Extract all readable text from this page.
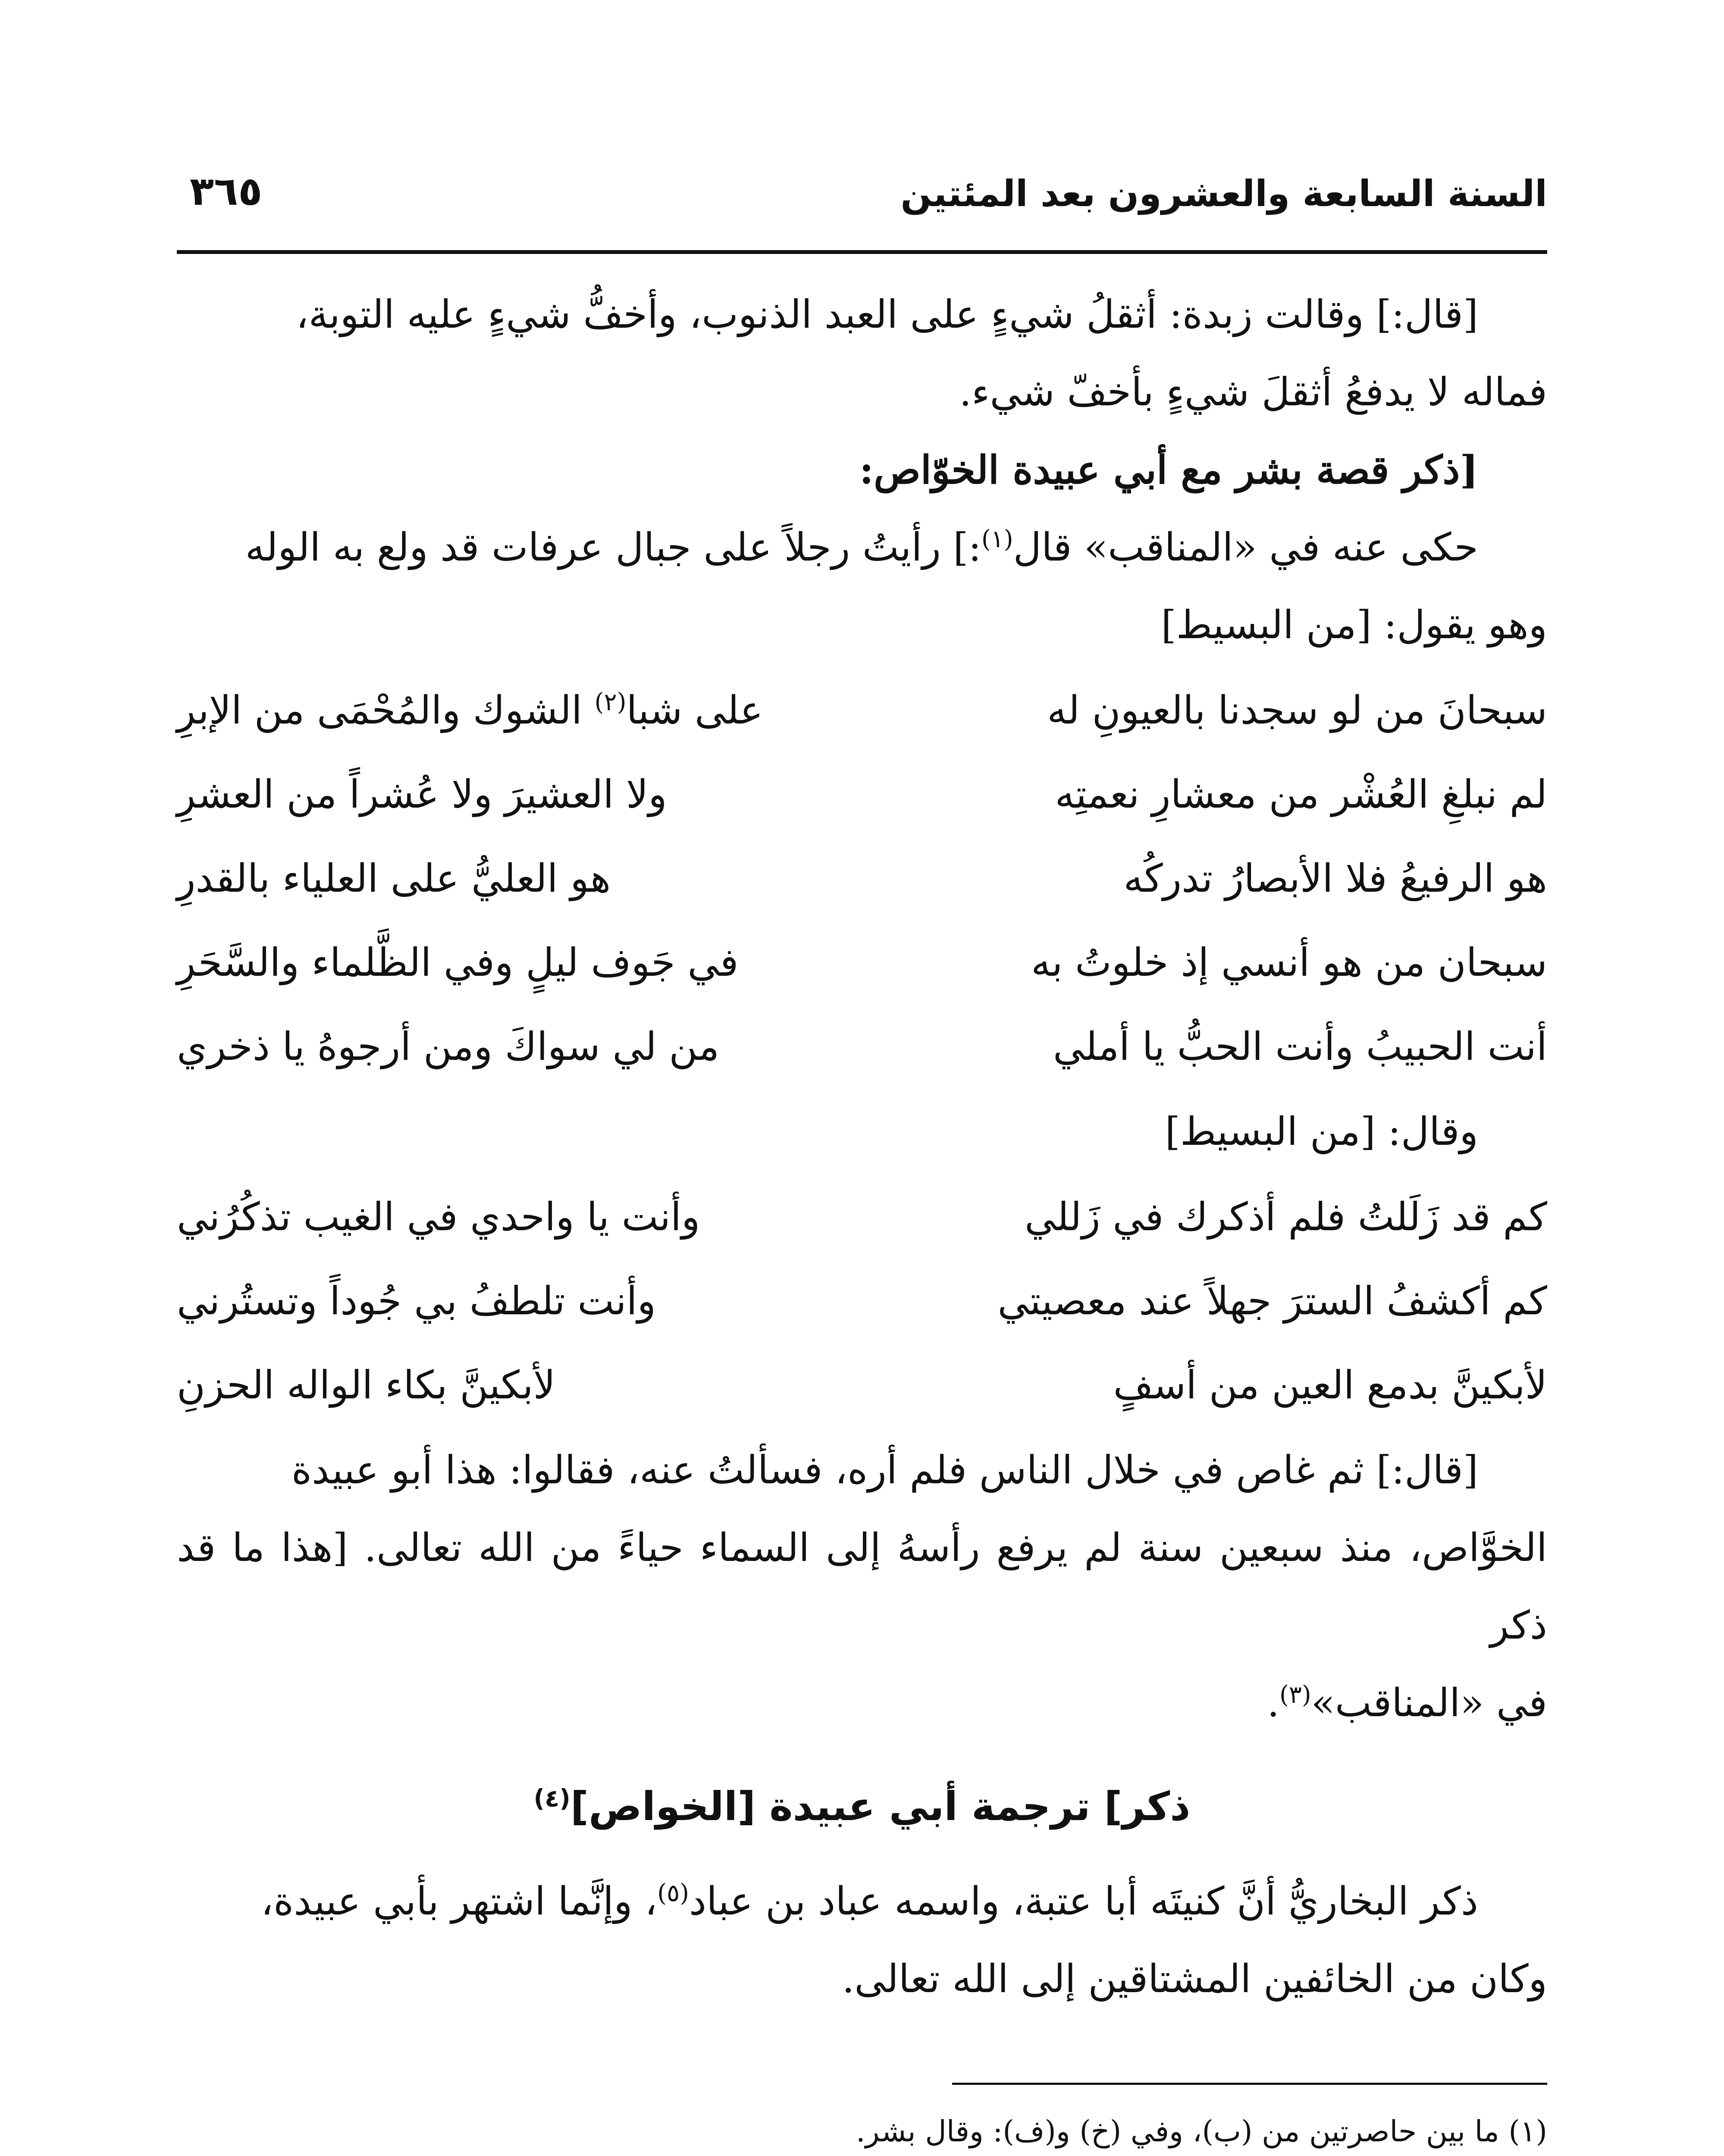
السنة السابعة والعشرون بعد المئتين
٣٦٥

[قال:] وقالت زبدة: أثقلُ شيءٍ على العبد الذنوب، وأخفُّ شيءٍ عليه التوبة،

فماله لا يدفعُ أثقلَ شيءٍ بأخفّ شيء.

[ذكر قصة بشر مع أبي عبيدة الخوّاص:

حكى عنه في «المناقب» قال$^{(١)}$:] رأيتُ رجلاً على جبال عرفات قد ولع به الوله

وهو يقول: [من البسيط]

سبحانَ من لو سجدنا بالعيونِ له
على شبا$^{(٢)}$ الشوك والمُحْمَى من الإبرِ
لم نبلغِ العُشْر من معشارِ نعمتِه
ولا العشيرَ ولا عُشراً من العشرِ
هو الرفيعُ فلا الأبصارُ تدركُه
هو العليُّ على العلياء بالقدرِ
سبحان من هو أنسي إذ خلوتُ به
في جَوف ليلٍ وفي الظَّلماء والسَّحَرِ
أنت الحبيبُ وأنت الحبُّ يا أملي
من لي سواكَ ومن أرجوهُ يا ذخري

وقال: [من البسيط]

كم قد زَلَلتُ فلم أذكرك في زَللي
وأنت يا واحدي في الغيب تذكُرُني
كم أكشفُ السترَ جهلاً عند معصيتي
وأنت تلطفُ بي جُوداً وتستُرني
لأبكينَّ بدمع العين من أسفٍ
لأبكينَّ بكاء الواله الحزنِ

[قال:] ثم غاص في خلال الناس فلم أره، فسألتُ عنه، فقالوا: هذا أبو عبيدة

الخوَّاص، منذ سبعين سنة لم يرفع رأسهُ إلى السماء حياءً من الله تعالى. [هذا ما قد ذكر

في «المناقب»$^{(٣)}$.

ذكر] ترجمة أبي عبيدة [الخواص]$^{(٤)}$

ذكر البخاريُّ أنَّ كنيتَه أبا عتبة، واسمه عباد بن عباد$^{(٥)}$، وإنَّما اشتهر بأبي عبيدة،

وكان من الخائفين المشتاقين إلى الله تعالى.

(١) ما بين حاصرتين من (ب)، وفي (خ) و(ف): وقال بشر.
